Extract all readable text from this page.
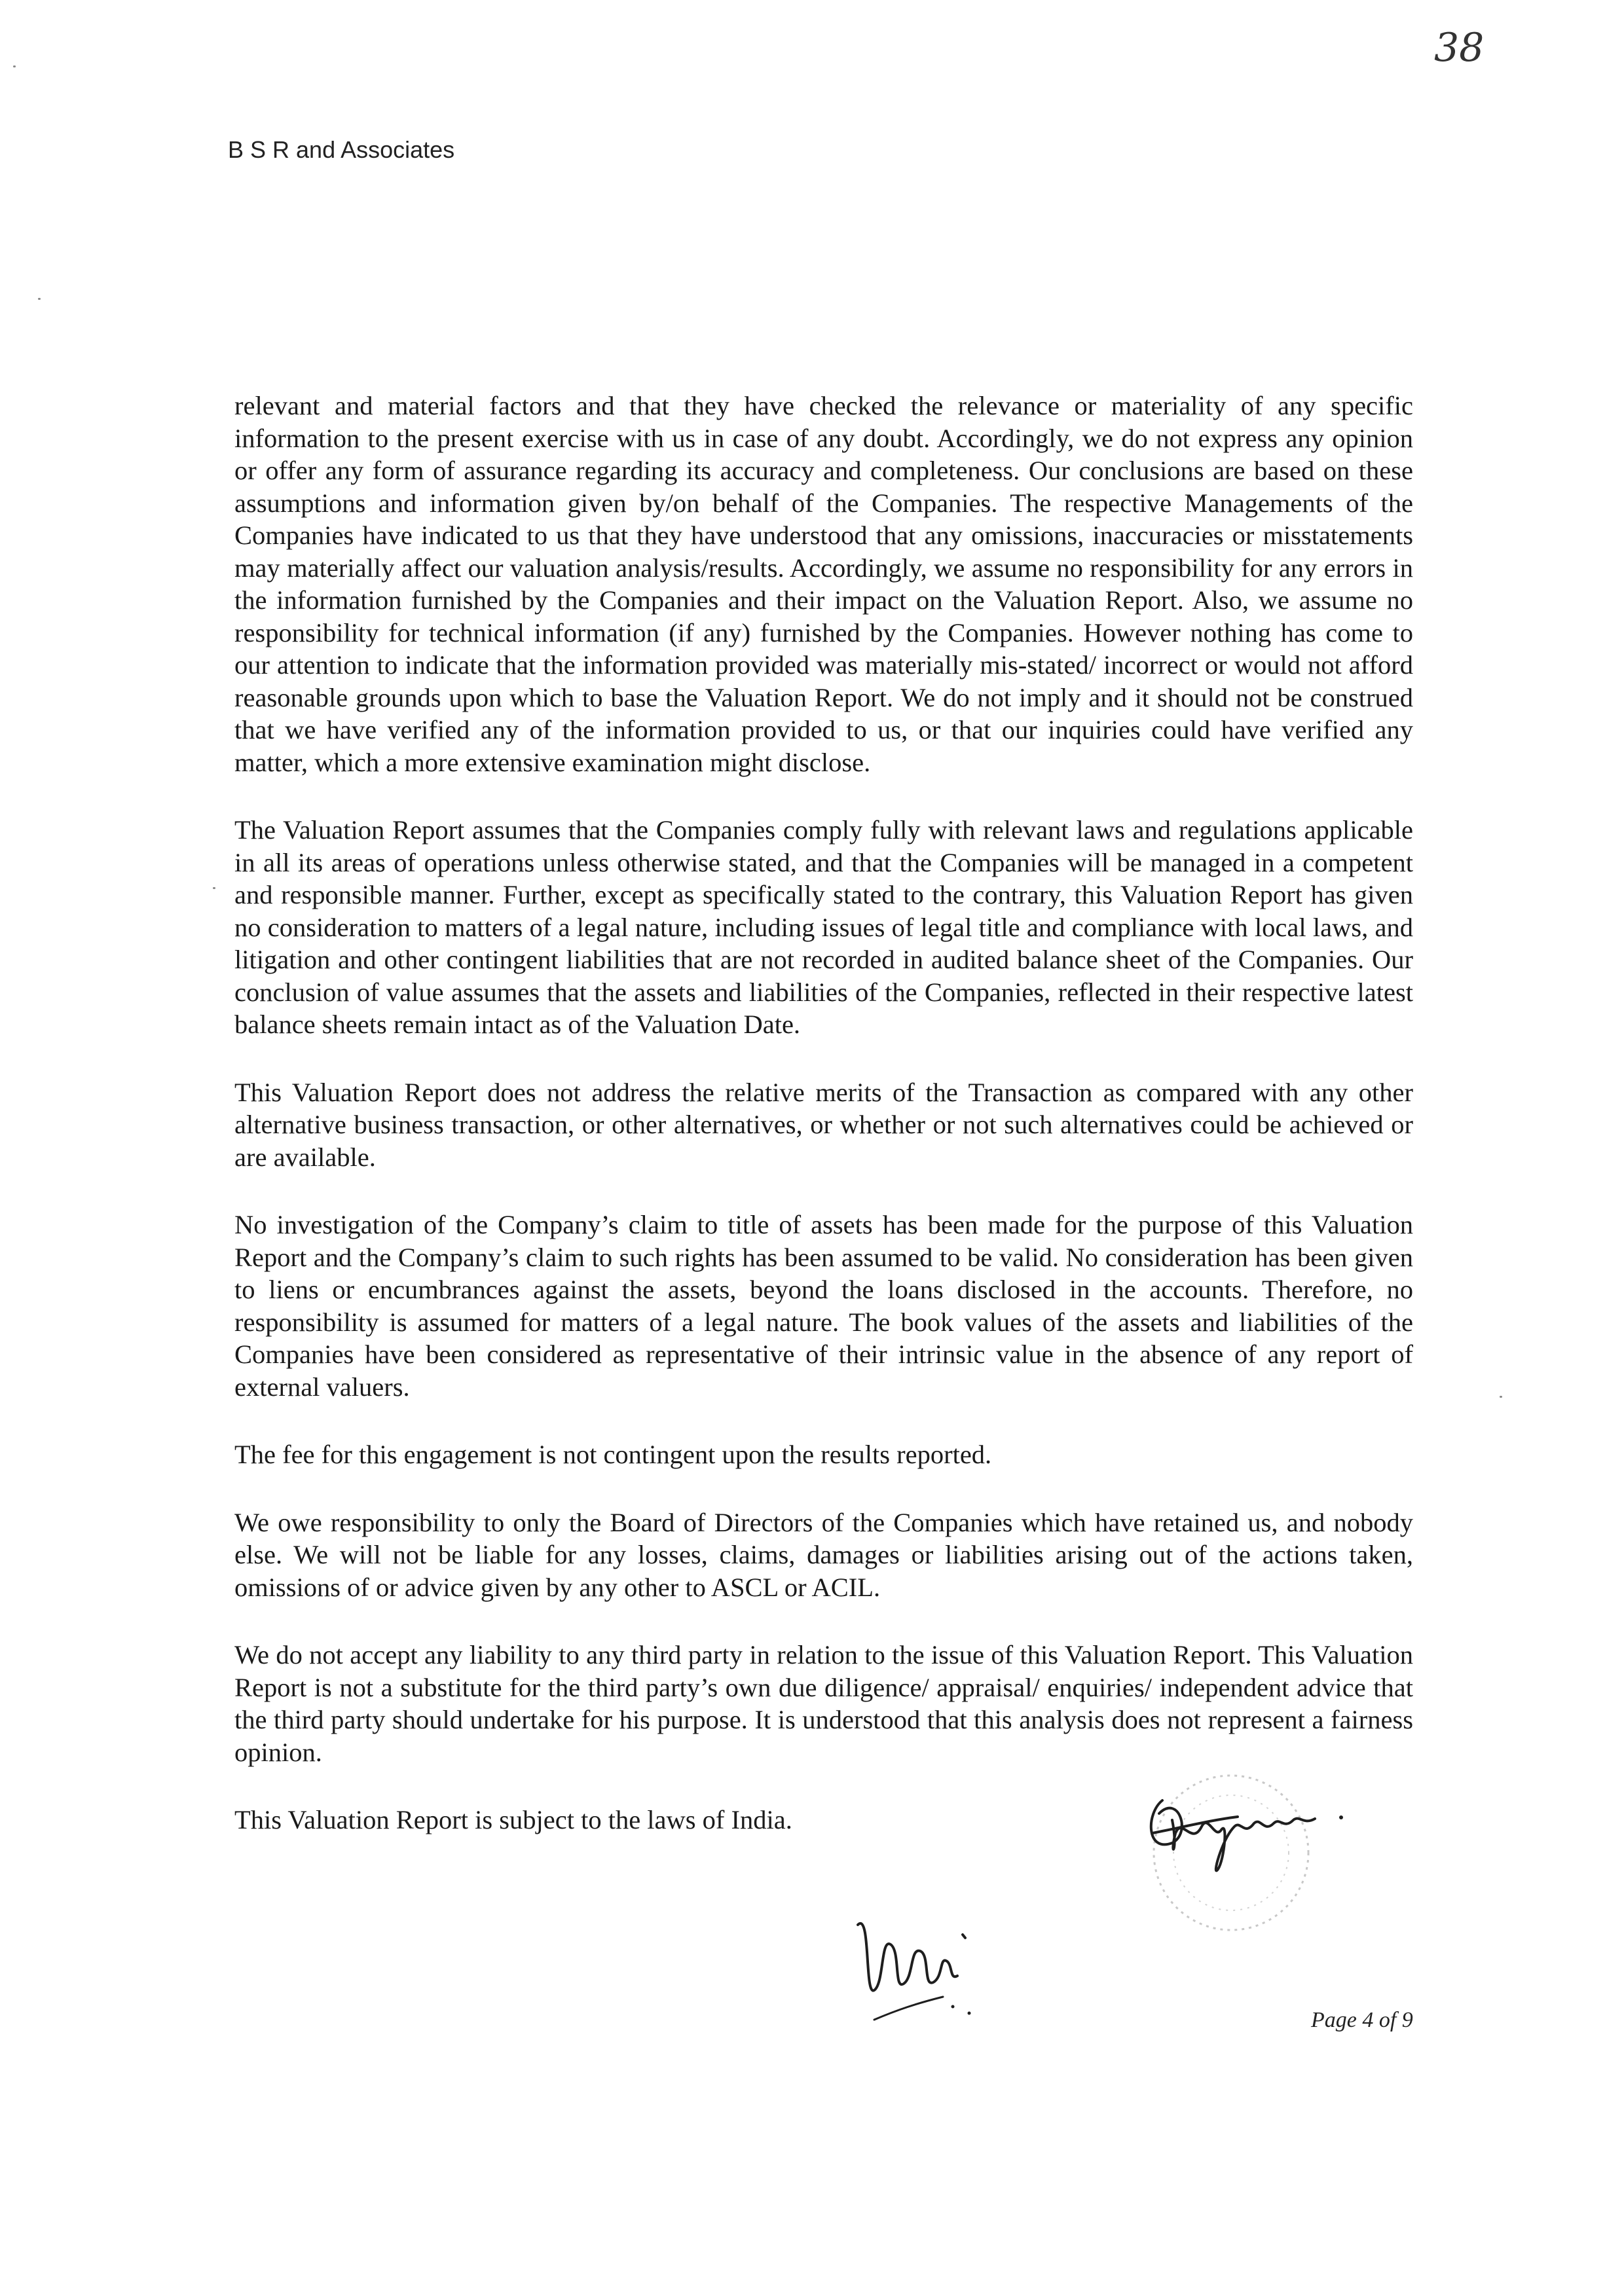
38
B S R and Associates

relevant and material factors and that they have checked the relevance or materiality of any specific information to the present exercise with us in case of any doubt. Accordingly, we do not express any opinion or offer any form of assurance regarding its accuracy and completeness. Our conclusions are based on these assumptions and information given by/on behalf of the Companies. The respective Managements of the Companies have indicated to us that they have understood that any omissions, inaccuracies or misstatements may materially affect our valuation analysis/results. Accordingly, we assume no responsibility for any errors in the information furnished by the Companies and their impact on the Valuation Report. Also, we assume no responsibility for technical information (if any) furnished by the Companies. However nothing has come to our attention to indicate that the information provided was materially mis-stated/ incorrect or would not afford reasonable grounds upon which to base the Valuation Report. We do not imply and it should not be construed that we have verified any of the information provided to us, or that our inquiries could have verified any matter, which a more extensive examination might disclose.

The Valuation Report assumes that the Companies comply fully with relevant laws and regulations applicable in all its areas of operations unless otherwise stated, and that the Companies will be managed in a competent and responsible manner. Further, except as specifically stated to the contrary, this Valuation Report has given no consideration to matters of a legal nature, including issues of legal title and compliance with local laws, and litigation and other contingent liabilities that are not recorded in audited balance sheet of the Companies. Our conclusion of value assumes that the assets and liabilities of the Companies, reflected in their respective latest balance sheets remain intact as of the Valuation Date.

This Valuation Report does not address the relative merits of the Transaction as compared with any other alternative business transaction, or other alternatives, or whether or not such alternatives could be achieved or are available.

No investigation of the Company’s claim to title of assets has been made for the purpose of this Valuation Report and the Company’s claim to such rights has been assumed to be valid. No consideration has been given to liens or encumbrances against the assets, beyond the loans disclosed in the accounts. Therefore, no responsibility is assumed for matters of a legal nature. The book values of the assets and liabilities of the Companies have been considered as representative of their intrinsic value in the absence of any report of external valuers.

The fee for this engagement is not contingent upon the results reported.

We owe responsibility to only the Board of Directors of the Companies which have retained us, and nobody else. We will not be liable for any losses, claims, damages or liabilities arising out of the actions taken, omissions of or advice given by any other to ASCL or ACIL.

We do not accept any liability to any third party in relation to the issue of this Valuation Report. This Valuation Report is not a substitute for the third party’s own due diligence/ appraisal/ enquiries/ independent advice that the third party should undertake for his purpose. It is understood that this analysis does not represent a fairness opinion.

This Valuation Report is subject to the laws of India.

Page 4 of 9
